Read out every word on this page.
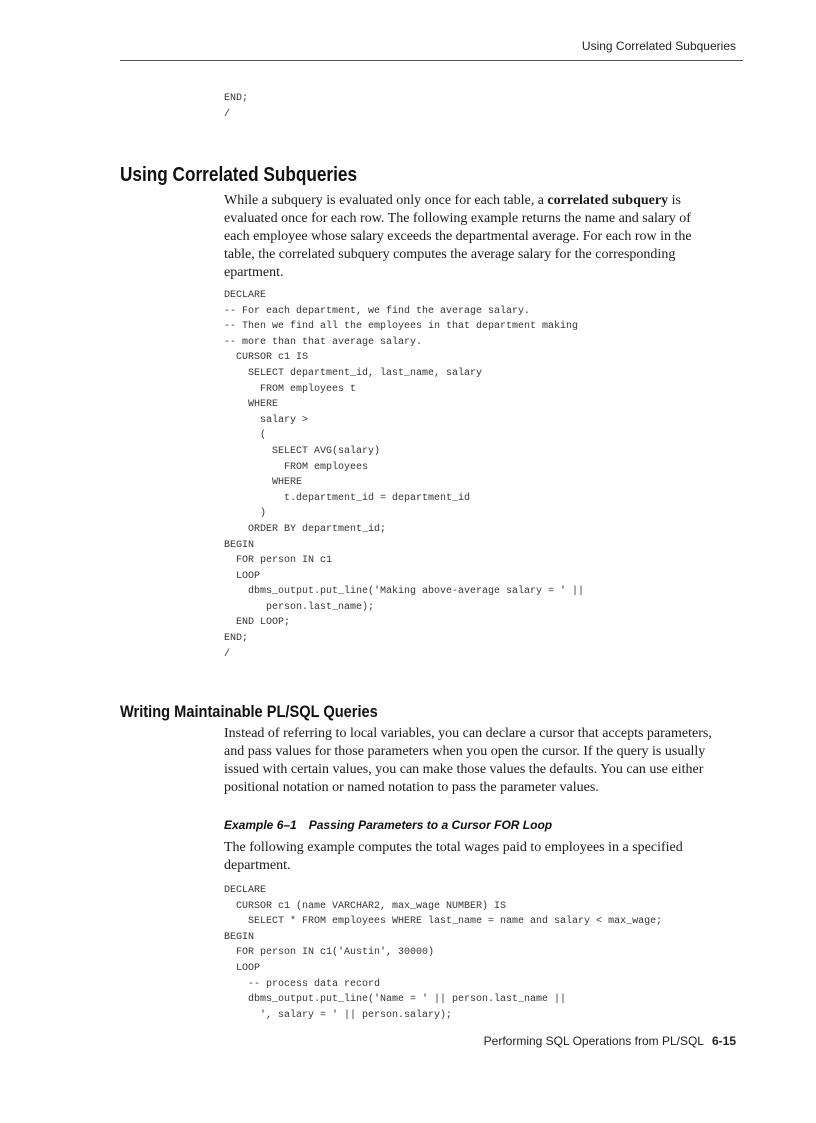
Using Correlated Subqueries
END;
/
Using Correlated Subqueries

While a subquery is evaluated only once for each table, a correlated subquery is
evaluated once for each row. The following example returns the name and salary of
each employee whose salary exceeds the departmental average. For each row in the
table, the correlated subquery computes the average salary for the corresponding
epartment.

DECLARE
-- For each department, we find the average salary.
-- Then we find all the employees in that department making
-- more than that average salary.
CURSOR c1 IS
SELECT department_id, last_name, salary
FROM employees t
WHERE
salary >
(
SELECT AVG(salary)
FROM employees
WHERE
t.department_id = department_id
)
ORDER BY department_id;
BEGIN
FOR person IN c1
LOOP
dbms_output.put_line('Making above-average salary = ' ||
person.last_name);
END LOOP;
END;
/
Writing Maintainable PL/SQL Queries

Instead of referring to local variables, you can declare a cursor that accepts parameters,
and pass values for those parameters when you open the cursor. If the query is usually
issued with certain values, you can make those values the defaults. You can use either
positional notation or named notation to pass the parameter values.

Example 6–1 Passing Parameters to a Cursor FOR Loop

The following example computes the total wages paid to employees in a specified
department.

DECLARE
CURSOR c1 (name VARCHAR2, max_wage NUMBER) IS
SELECT * FROM employees WHERE last_name = name and salary < max_wage;
BEGIN
FOR person IN c1('Austin', 30000)
LOOP
-- process data record
dbms_output.put_line('Name = ' || person.last_name ||
', salary = ' || person.salary);
Performing SQL Operations from PL/SQL 6-15
